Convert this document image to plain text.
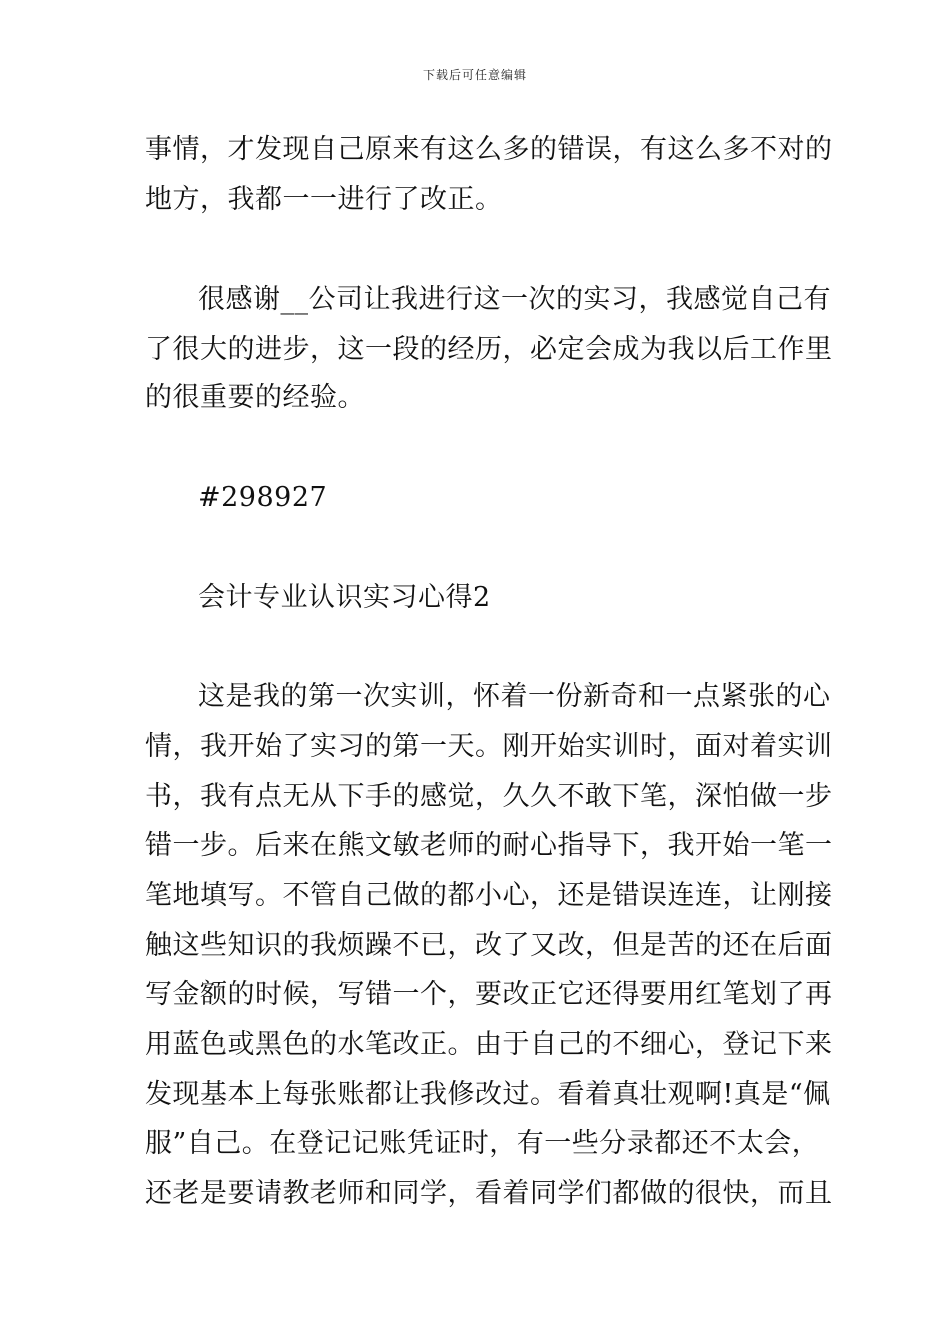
下载后可任意编辑
事情，才发现自己原来有这么多的错误，有这么多不对的
地方，我都一一进行了改正。
很感谢__公司让我进行这一次的实习，我感觉自己有
了很大的进步，这一段的经历，必定会成为我以后工作里
的很重要的经验。
#298927
会计专业认识实习心得2
这是我的第一次实训，怀着一份新奇和一点紧张的心
情，我开始了实习的第一天。刚开始实训时，面对着实训
书，我有点无从下手的感觉，久久不敢下笔，深怕做一步
错一步。后来在熊文敏老师的耐心指导下，我开始一笔一
笔地填写。不管自己做的都小心，还是错误连连，让刚接
触这些知识的我烦躁不已，改了又改，但是苦的还在后面
写金额的时候，写错一个，要改正它还得要用红笔划了再
用蓝色或黑色的水笔改正。由于自己的不细心，登记下来
发现基本上每张账都让我修改过。看着真壮观啊!真是“佩
服”自己。在登记记账凭证时，有一些分录都还不太会，
还老是要请教老师和同学，看着同学们都做的很快，而且
